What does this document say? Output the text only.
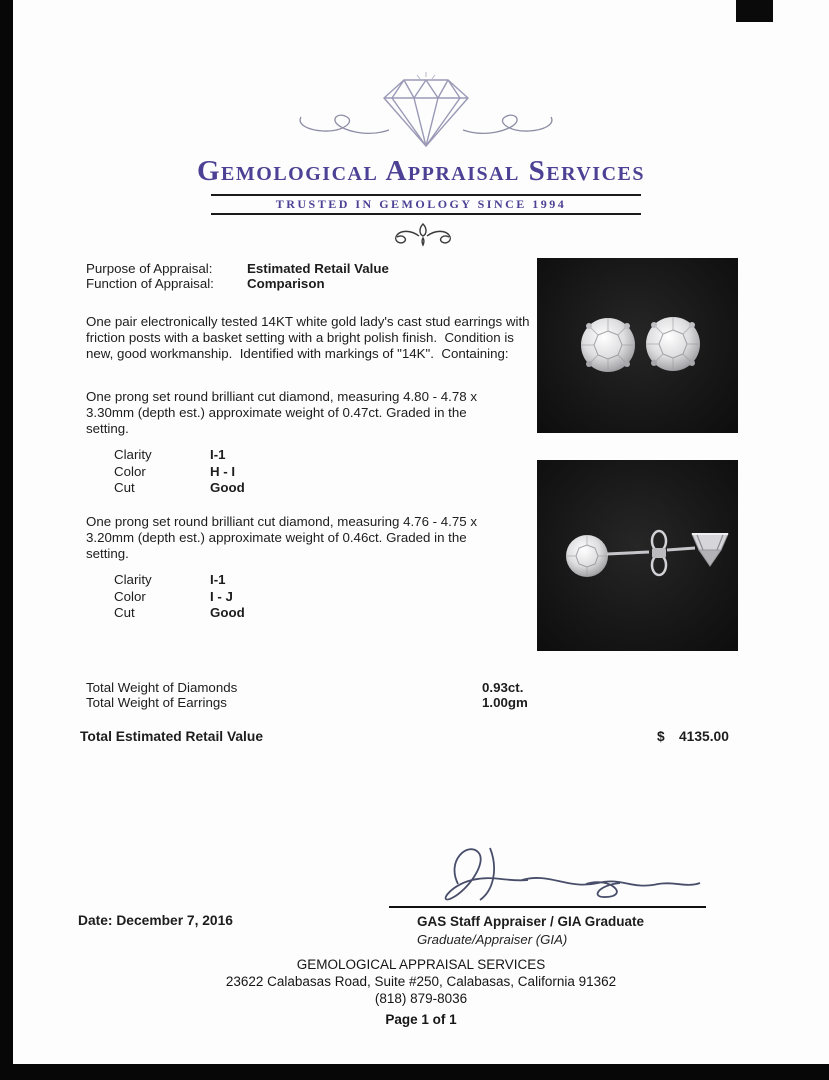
Gemological Appraisal Services
TRUSTED IN GEMOLOGY SINCE 1994
Purpose of Appraisal:	Estimated Retail Value
Function of Appraisal: Comparison
One pair electronically tested 14KT white gold lady's cast stud earrings with friction posts with a basket setting with a bright polish finish.  Condition is new, good workmanship.  Identified with markings of "14K".  Containing:
One prong set round brilliant cut diamond, measuring 4.80 - 4.78 x 3.30mm (depth est.) approximate weight of 0.47ct. Graded in the setting.
Clarity	I-1
Color	H - I
Cut	Good
One prong set round brilliant cut diamond, measuring 4.76 - 4.75 x 3.20mm (depth est.) approximate weight of 0.46ct. Graded in the setting.
Clarity	I-1
Color	I - J
Cut	Good
Total Weight of Diamonds	0.93ct.
Total Weight of Earrings	1.00gm
Total Estimated Retail Value	$ 4135.00
GAS Staff Appraiser / GIA Graduate
Graduate/Appraiser (GIA)
Date: December 7, 2016
GEMOLOGICAL APPRAISAL SERVICES
23622 Calabasas Road, Suite #250, Calabasas, California 91362
(818) 879-8036
Page 1 of 1
